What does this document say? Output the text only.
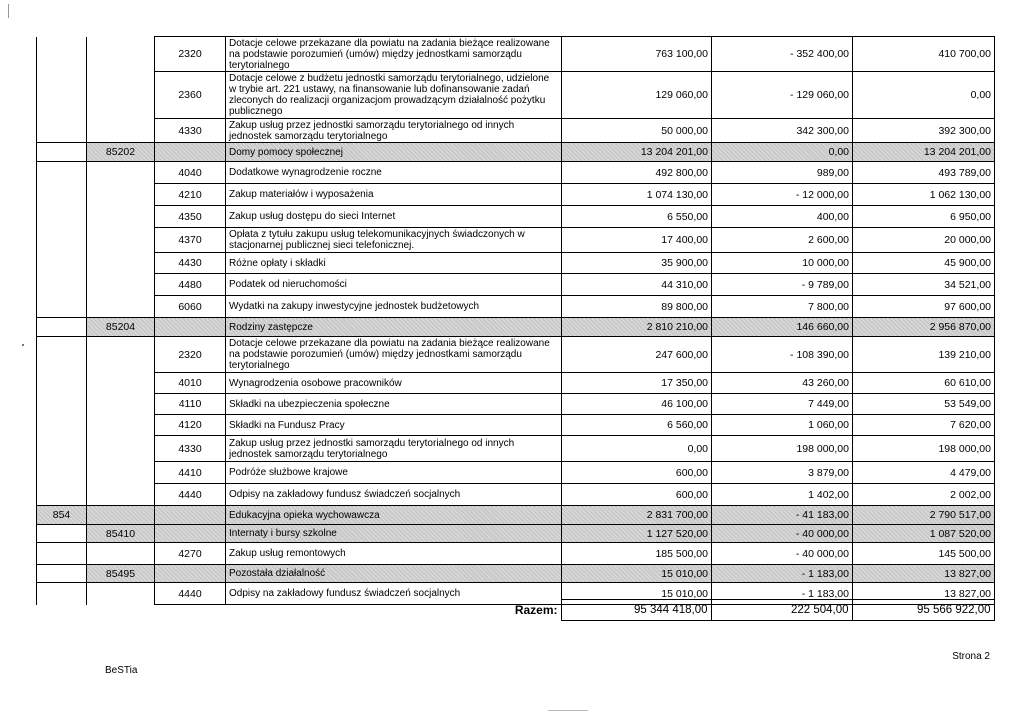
		2320	Dotacje celowe przekazane dla powiatu na zadania bieżące realizowane na podstawie porozumień (umów) między jednostkami samorządu terytorialnego	763 100,00	- 352 400,00	410 700,00
		2360	Dotacje celowe z budżetu jednostki samorządu terytorialnego, udzielone w trybie art. 221 ustawy, na finansowanie lub dofinansowanie zadań zleconych do realizacji organizacjom prowadzącym działalność pożytku publicznego	129 060,00	- 129 060,00	0,00
		4330	Zakup usług przez jednostki samorządu terytorialnego od innych jednostek samorządu terytorialnego	50 000,00	342 300,00	392 300,00
	85202		Domy pomocy społecznej	13 204 201,00	0,00	13 204 201,00
		4040	Dodatkowe wynagrodzenie roczne	492 800,00	989,00	493 789,00
		4210	Zakup materiałów i wyposażenia	1 074 130,00	- 12 000,00	1 062 130,00
		4350	Zakup usług dostępu do sieci Internet	6 550,00	400,00	6 950,00
		4370	Opłata z tytułu zakupu usług telekomunikacyjnych świadczonych w stacjonarnej publicznej sieci telefonicznej.	17 400,00	2 600,00	20 000,00
		4430	Różne opłaty i składki	35 900,00	10 000,00	45 900,00
		4480	Podatek od nieruchomości	44 310,00	- 9 789,00	34 521,00
		6060	Wydatki na zakupy inwestycyjne jednostek budżetowych	89 800,00	7 800,00	97 600,00
	85204		Rodziny zastępcze	2 810 210,00	146 660,00	2 956 870,00
		2320	Dotacje celowe przekazane dla powiatu na zadania bieżące realizowane na podstawie porozumień (umów) między jednostkami samorządu terytorialnego	247 600,00	- 108 390,00	139 210,00
		4010	Wynagrodzenia osobowe pracowników	17 350,00	43 260,00	60 610,00
		4110	Składki na ubezpieczenia społeczne	46 100,00	7 449,00	53 549,00
		4120	Składki na Fundusz Pracy	6 560,00	1 060,00	7 620,00
		4330	Zakup usług przez jednostki samorządu terytorialnego od innych jednostek samorządu terytorialnego	0,00	198 000,00	198 000,00
		4410	Podróże służbowe krajowe	600,00	3 879,00	4 479,00
		4440	Odpisy na zakładowy fundusz świadczeń socjalnych	600,00	1 402,00	2 002,00
854			Edukacyjna opieka wychowawcza	2 831 700,00	- 41 183,00	2 790 517,00
	85410		Internaty i bursy szkolne	1 127 520,00	- 40 000,00	1 087 520,00
		4270	Zakup usług remontowych	185 500,00	- 40 000,00	145 500,00
	85495		Pozostała działalność	15 010,00	- 1 183,00	13 827,00
		4440	Odpisy na zakładowy fundusz świadczeń socjalnych	15 010,00	- 1 183,00	13 827,00
Razem:	95 344 418,00	222 504,00	95 566 922,00
BeSTia
Strona 2
